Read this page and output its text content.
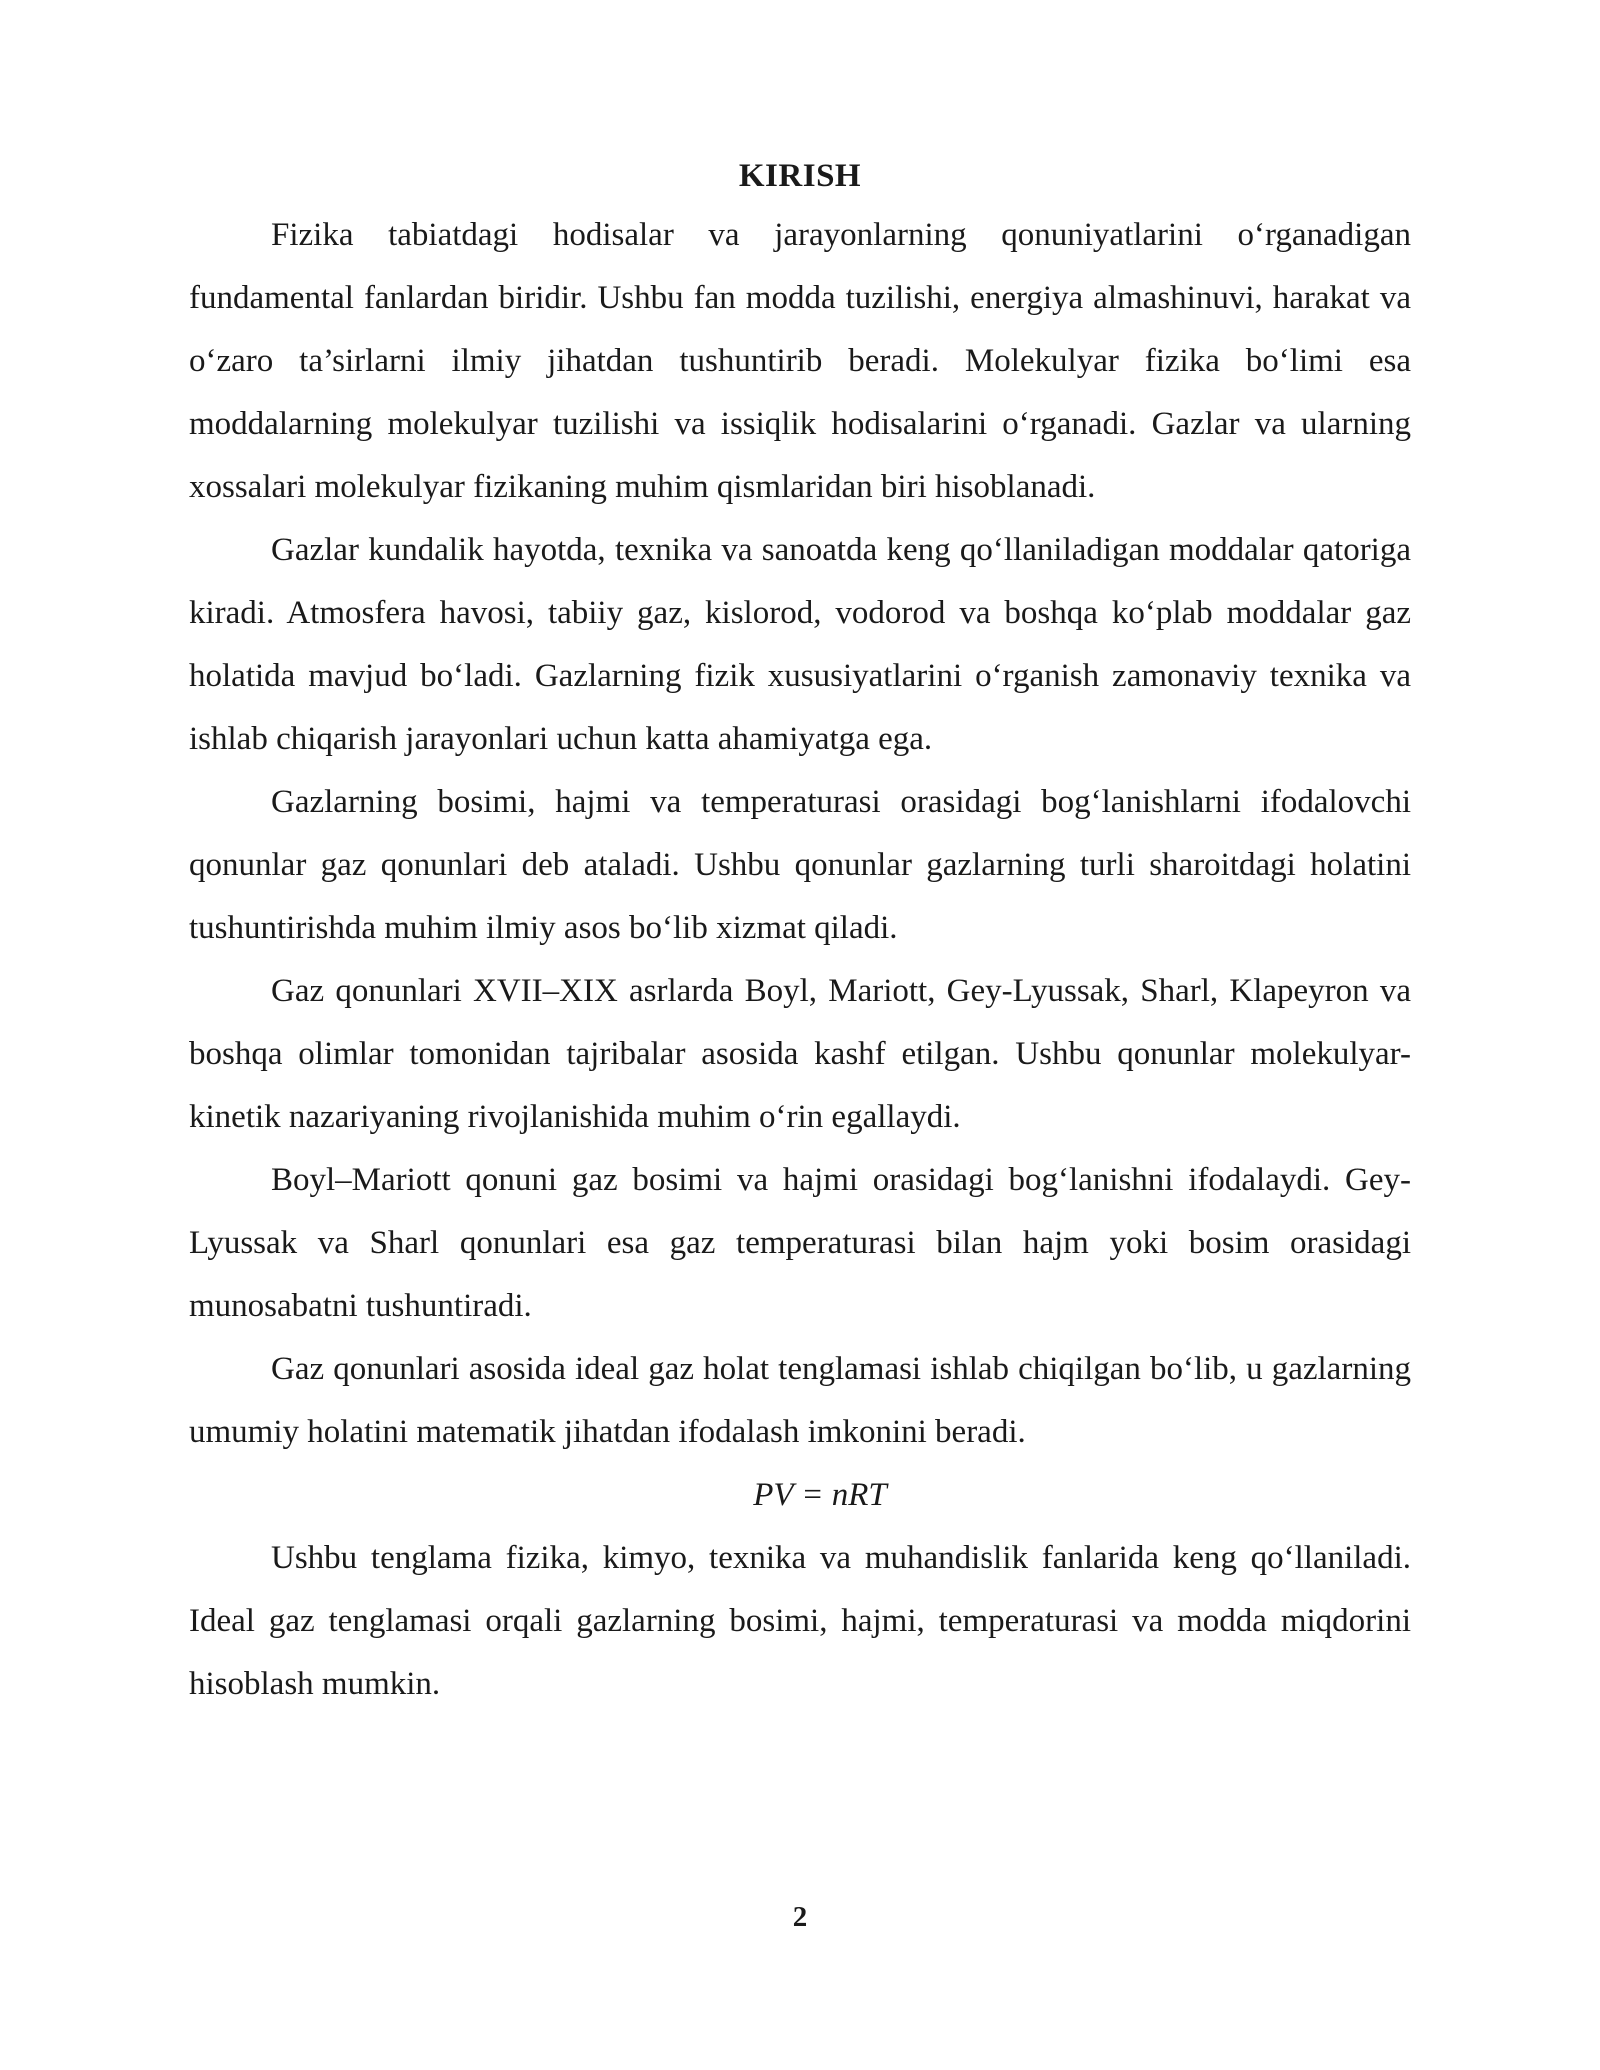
KIRISH

Fizika tabiatdagi hodisalar va jarayonlarning qonuniyatlarini o‘rganadigan fundamental fanlardan biridir. Ushbu fan modda tuzilishi, energiya almashinuvi, harakat va o‘zaro ta’sirlarni ilmiy jihatdan tushuntirib beradi. Molekulyar fizika bo‘limi esa moddalarning molekulyar tuzilishi va issiqlik hodisalarini o‘rganadi. Gazlar va ularning xossalari molekulyar fizikaning muhim qismlaridan biri hisoblanadi.

Gazlar kundalik hayotda, texnika va sanoatda keng qo‘llaniladigan moddalar qatoriga kiradi. Atmosfera havosi, tabiiy gaz, kislorod, vodorod va boshqa ko‘plab moddalar gaz holatida mavjud bo‘ladi. Gazlarning fizik xususiyatlarini o‘rganish zamonaviy texnika va ishlab chiqarish jarayonlari uchun katta ahamiyatga ega.

Gazlarning bosimi, hajmi va temperaturasi orasidagi bog‘lanishlarni ifodalovchi qonunlar gaz qonunlari deb ataladi. Ushbu qonunlar gazlarning turli sharoitdagi holatini tushuntirishda muhim ilmiy asos bo‘lib xizmat qiladi.

Gaz qonunlari XVII–XIX asrlarda Boyl, Mariott, Gey-Lyussak, Sharl, Klapeyron va boshqa olimlar tomonidan tajribalar asosida kashf etilgan. Ushbu qonunlar molekulyar-kinetik nazariyaning rivojlanishida muhim o‘rin egallaydi.

Boyl–Mariott qonuni gaz bosimi va hajmi orasidagi bog‘lanishni ifodalaydi. Gey-Lyussak va Sharl qonunlari esa gaz temperaturasi bilan hajm yoki bosim orasidagi munosabatni tushuntiradi.

Gaz qonunlari asosida ideal gaz holat tenglamasi ishlab chiqilgan bo‘lib, u gazlarning umumiy holatini matematik jihatdan ifodalash imkonini beradi.

PV = nRT

Ushbu tenglama fizika, kimyo, texnika va muhandislik fanlarida keng qo‘llaniladi. Ideal gaz tenglamasi orqali gazlarning bosimi, hajmi, temperaturasi va modda miqdorini hisoblash mumkin.

2
